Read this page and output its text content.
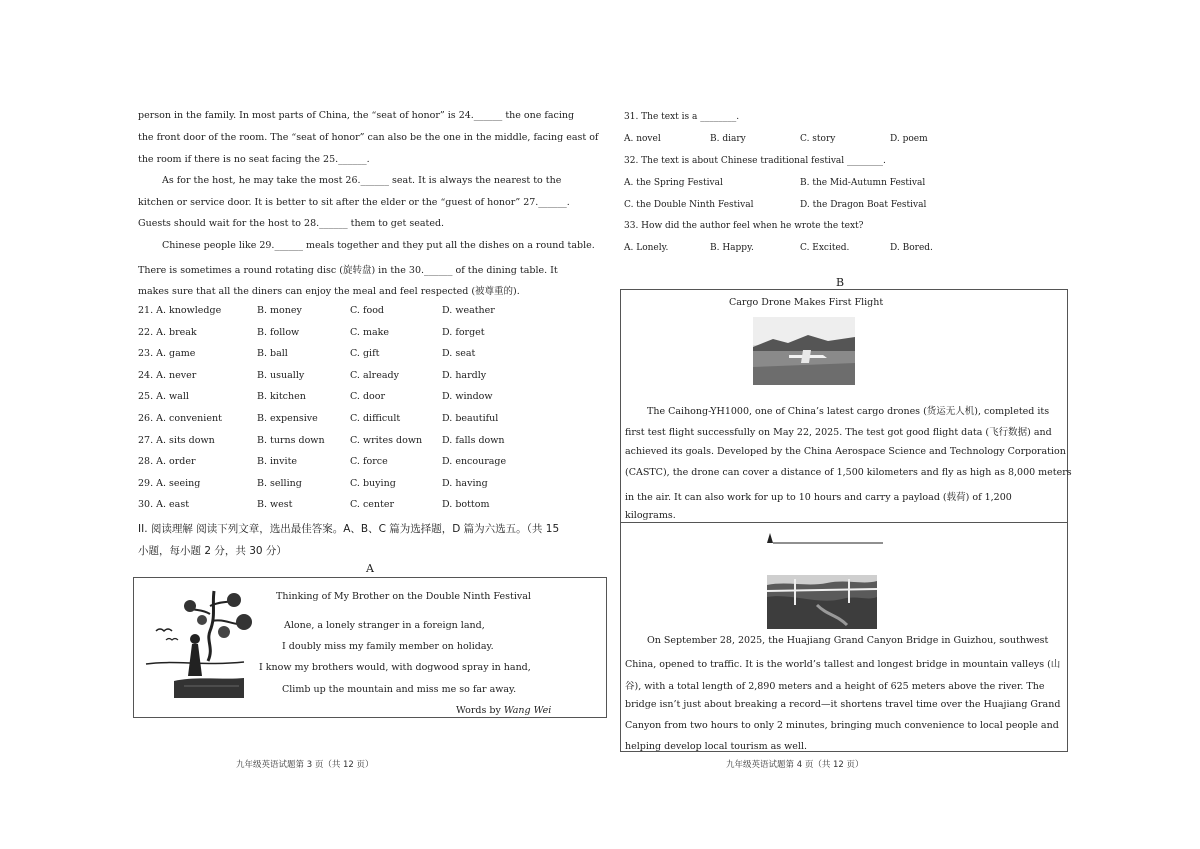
person in the family. In most parts of China, the “seat of honor” is 24.______ the one facing
the front door of the room. The “seat of honor” can also be the one in the middle, facing east of
the room if there is no seat facing the 25.______.
As for the host, he may take the most 26.______ seat. It is always the nearest to the
kitchen or service door. It is better to sit after the elder or the “guest of honor” 27.______.
Guests should wait for the host to 28.______ them to get seated.
Chinese people like 29.______ meals together and they put all the dishes on a round table.
There is sometimes a round rotating disc (旋转盘) in the 30.______ of the dining table. It
makes sure that all the diners can enjoy the meal and feel respected (被尊重的).
21. A. knowledge	B. money	C. food	D. weather
22. A. break	B. follow	C. make	D. forget
23. A. game	B. ball	C. gift	D. seat
24. A. never	B. usually	C. already	D. hardly
25. A. wall	B. kitchen	C. door	D. window
26. A. convenient	B. expensive	C. difficult	D. beautiful
27. A. sits down	B. turns down	C. writes down D. falls down
28. A. order	B. invite	C. force	D. encourage
29. A. seeing	B. selling	C. buying	D. having
30. A. east	B. west	C. center	D. bottom
II. 阅读理解 阅读下列文章，选出最佳答案。A、B、C 篇为选择题，D 篇为六选五。（共 15
小题，每小题 2 分，共 30 分）
A
Thinking of My Brother on the Double Ninth Festival
Alone, a lonely stranger in a foreign land,
I doubly miss my family member on holiday.
I know my brothers would, with dogwood spray in hand,
Climb up the mountain and miss me so far away.
Words by Wang Wei
九年级英语试题第 3 页（共 12 页）
31. The text is a ________.
A. novel	B. diary	C. story	D. poem
32. The text is about Chinese traditional festival ________.
A. the Spring Festival	B. the Mid-Autumn Festival
C. the Double Ninth Festival	D. the Dragon Boat Festival
33. How did the author feel when he wrote the text?
A. Lonely.	B. Happy.	C. Excited.	D. Bored.
B
Cargo Drone Makes First Flight
The Caihong-YH1000, one of China’s latest cargo drones (货运无人机), completed its
first test flight successfully on May 22, 2025. The test got good flight data (飞行数据) and
achieved its goals. Developed by the China Aerospace Science and Technology Corporation
(CASTC), the drone can cover a distance of 1,500 kilometers and fly as high as 8,000 meters
in the air. It can also work for up to 10 hours and carry a payload (载荷) of 1,200
kilograms.
On September 28, 2025, the Huajiang Grand Canyon Bridge in Guizhou, southwest
China, opened to traffic. It is the world’s tallest and longest bridge in mountain valleys (山
谷), with a total length of 2,890 meters and a height of 625 meters above the river. The
bridge isn’t just about breaking a record—it shortens travel time over the Huajiang Grand
Canyon from two hours to only 2 minutes, bringing much convenience to local people and
helping develop local tourism as well.
九年级英语试题第 4 页（共 12 页）
